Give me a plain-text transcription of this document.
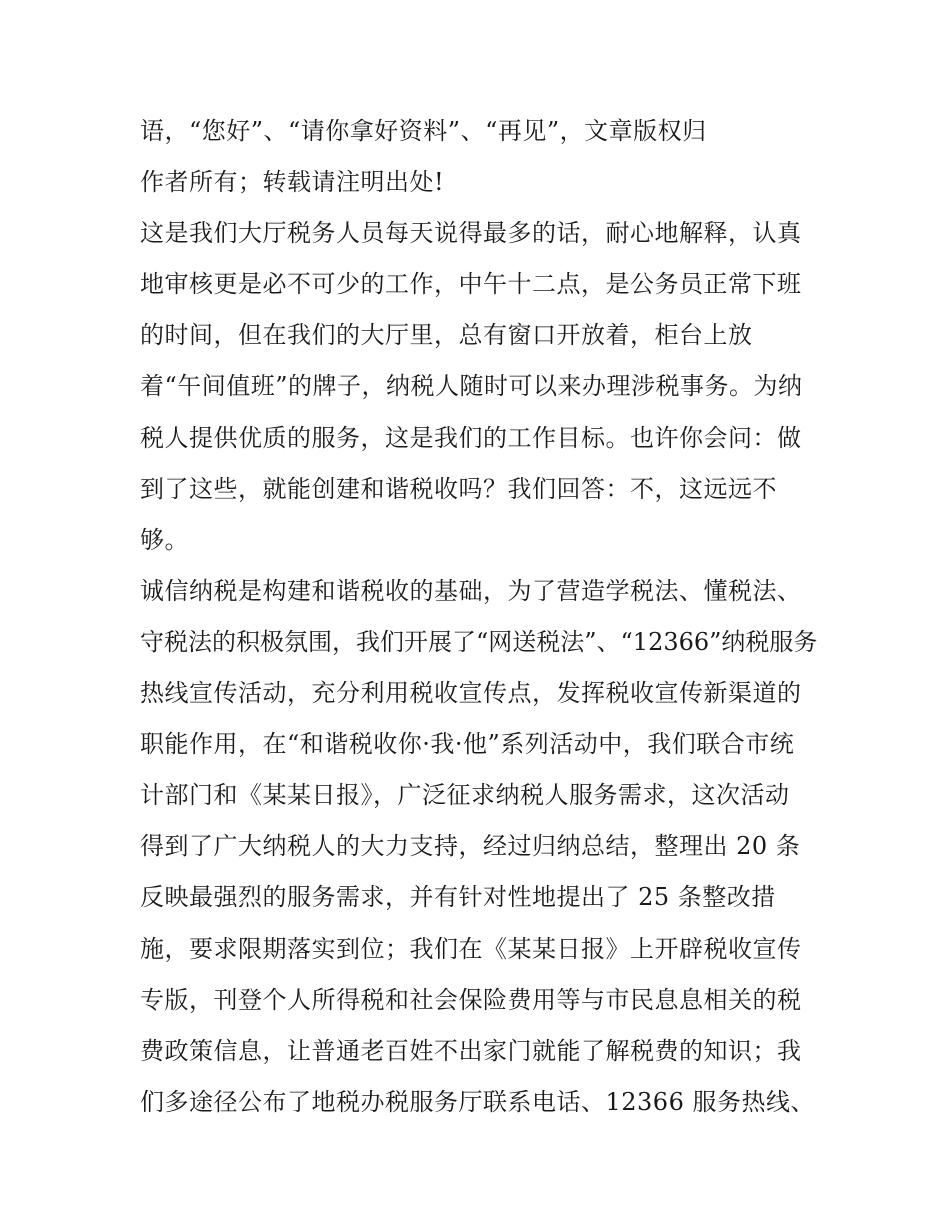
语，“您好”、“请你拿好资料”、“再见”，文章版权归
作者所有；转载请注明出处!
这是我们大厅税务人员每天说得最多的话，耐心地解释，认真
地审核更是必不可少的工作，中午十二点，是公务员正常下班
的时间，但在我们的大厅里，总有窗口开放着，柜台上放
着“午间值班”的牌子，纳税人随时可以来办理涉税事务。为纳
税人提供优质的服务，这是我们的工作目标。也许你会问：做
到了这些，就能创建和谐税收吗？我们回答：不，这远远不
够。
诚信纳税是构建和谐税收的基础，为了营造学税法、懂税法、
守税法的积极氛围，我们开展了“网送税法”、“12366”纳税服务
热线宣传活动，充分利用税收宣传点，发挥税收宣传新渠道的
职能作用，在“和谐税收你·我·他”系列活动中，我们联合市统
计部门和《某某日报》，广泛征求纳税人服务需求，这次活动
得到了广大纳税人的大力支持，经过归纳总结，整理出 20 条
反映最强烈的服务需求，并有针对性地提出了 25 条整改措
施，要求限期落实到位；我们在《某某日报》上开辟税收宣传
专版，刊登个人所得税和社会保险费用等与市民息息相关的税
费政策信息，让普通老百姓不出家门就能了解税费的知识；我
们多途径公布了地税办税服务厅联系电话、12366 服务热线、
